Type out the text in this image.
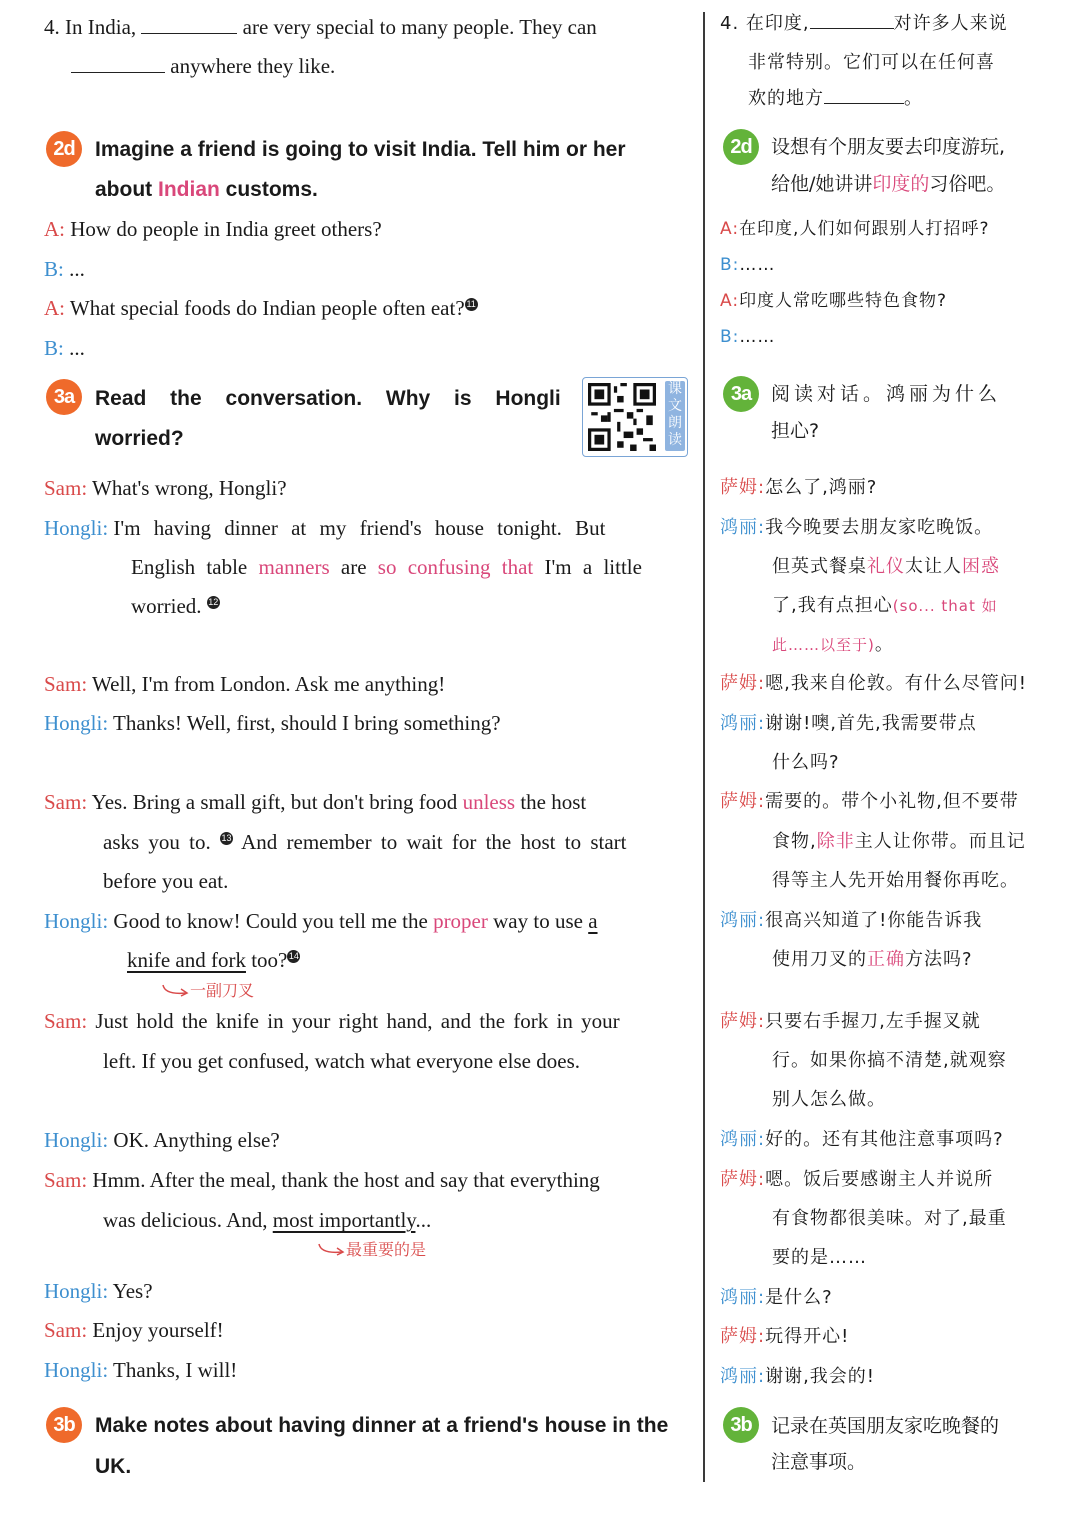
4. In India,	are very special to many people. They can
anywhere they like.
2d Imagine a friend is going to visit India. Tell him or her
about Indian customs.
A: How do people in India greet others?
B: ...
A: What special foods do Indian people often eat? 11
B: ...
3a Read the conversation. Why is Hongli
worried?
课文朗读
Sam: What's wrong, Hongli?
Hongli: I'm having dinner at my friend's house tonight. But
English table manners are so confusing that I'm a little
worried. 12
Sam: Well, I'm from London. Ask me anything!
Hongli: Thanks! Well, first, should I bring something?
Sam: Yes. Bring a small gift, but don't bring food unless the host
asks you to. 13 And remember to wait for the host to start
before you eat.
Hongli: Good to know! Could you tell me the proper way to use a
knife and fork too?14
一副刀叉
Sam: Just hold the knife in your right hand, and the fork in your
left. If you get confused, watch what everyone else does.
Hongli: OK. Anything else?
Sam: Hmm. After the meal, thank the host and say that everything
was delicious. And, most importantly...
最重要的是
Hongli: Yes?
Sam: Enjoy yourself!
Hongli: Thanks, I will!
3b Make notes about having dinner at a friend's house in the
UK.
4. 在印度,	对许多人来说
非常特别。它们可以在任何喜
欢的地方	。
2d	设想有个朋友要去印度游玩,
给他/她讲讲印度的习俗吧。
A:在印度,人们如何跟别人打招呼?
B:……
A:印度人常吃哪些特色食物?
B:……
3a	阅读对话。鸿丽为什么
担心?
萨姆:怎么了,鸿丽?
鸿丽:我今晚要去朋友家吃晚饭。
但英式餐桌礼仪太让人困惑
了,我有点担心(so... that 如
此……以至于)。
萨姆:嗯,我来自伦敦。有什么尽管问!
鸿丽:谢谢!噢,首先,我需要带点
什么吗?
萨姆:需要的。带个小礼物,但不要带
食物,除非主人让你带。而且记
得等主人先开始用餐你再吃。
鸿丽:很高兴知道了!你能告诉我
使用刀叉的正确方法吗?
萨姆:只要右手握刀,左手握叉就
行。如果你搞不清楚,就观察
别人怎么做。
鸿丽:好的。还有其他注意事项吗?
萨姆:嗯。饭后要感谢主人并说所
有食物都很美味。对了,最重
要的是……
鸿丽:是什么?
萨姆:玩得开心!
鸿丽:谢谢,我会的!
3b	记录在英国朋友家吃晚餐的
注意事项。
